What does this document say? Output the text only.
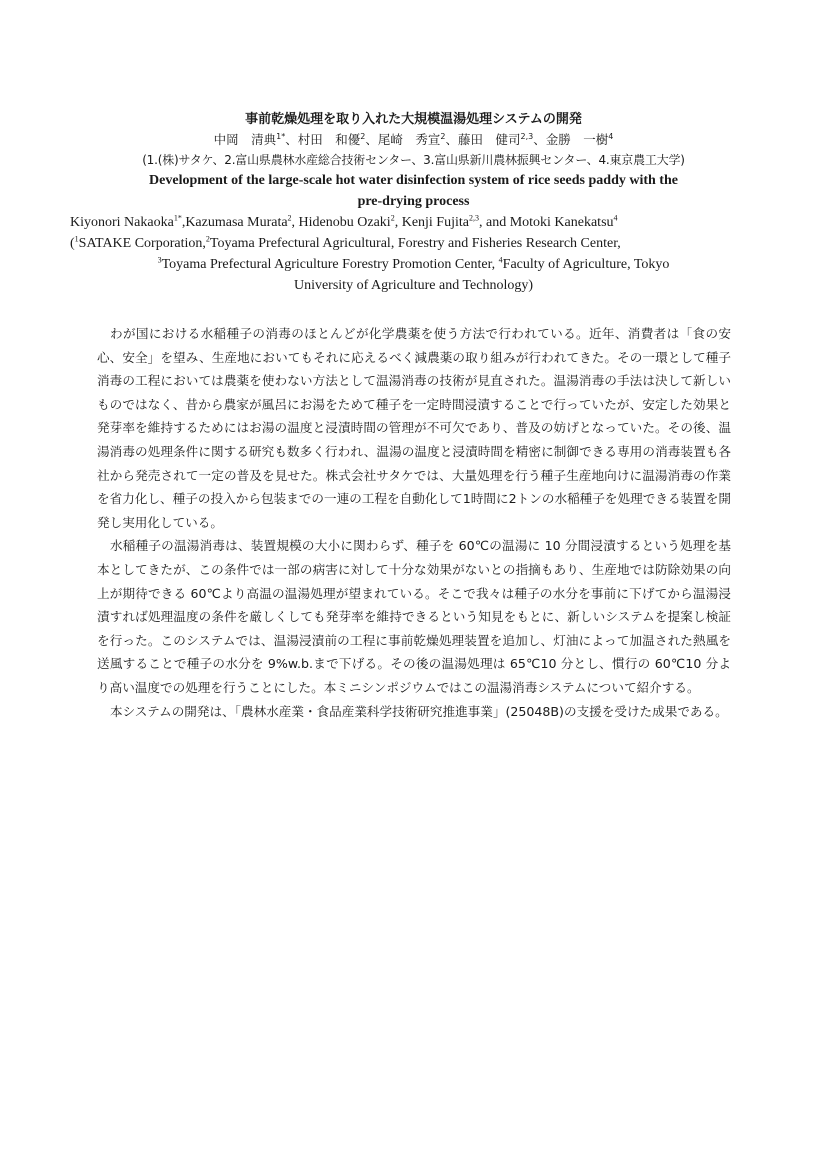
事前乾燥処理を取り入れた大規模温湯処理システムの開発

中岡　清典$^{1*}$、村田　和優$^2$、尾崎　秀宣$^2$、藤田　健司$^{2,3}$、金勝　一樹$^4$

(1.(株)サタケ、2.富山県農林水産総合技術センター、3.富山県新川農林振興センター、4.東京農工大学)

Development of the large-scale hot water disinfection system of rice seeds paddy with the

pre-drying process

Kiyonori Nakaoka$^{1*}$,Kazumasa Murata$^2$, Hidenobu Ozaki$^2$, Kenji Fujita$^{2,3}$, and Motoki Kanekatsu$^4$

($^1$SATAKE Corporation,$^2$Toyama Prefectural Agricultural, Forestry and Fisheries Research Center,

$^3$Toyama Prefectural Agriculture Forestry Promotion Center, $^4$Faculty of Agriculture, Tokyo

University of Agriculture and Technology)

わが国における水稲種子の消毒のほとんどが化学農薬を使う方法で行われている。近年、消費者は「食の安心、安全」を望み、生産地においてもそれに応えるべく減農薬の取り組みが行われてきた。その一環として種子消毒の工程においては農薬を使わない方法として温湯消毒の技術が見直された。温湯消毒の手法は決して新しいものではなく、昔から農家が風呂にお湯をためて種子を一定時間浸漬することで行っていたが、安定した効果と発芽率を維持するためにはお湯の温度と浸漬時間の管理が不可欠であり、普及の妨げとなっていた。その後、温湯消毒の処理条件に関する研究も数多く行われ、温湯の温度と浸漬時間を精密に制御できる専用の消毒装置も各社から発売されて一定の普及を見せた。株式会社サタケでは、大量処理を行う種子生産地向けに温湯消毒の作業を省力化し、種子の投入から包装までの一連の工程を自動化して1時間に2トンの水稲種子を処理できる装置を開発し実用化している。

水稲種子の温湯消毒は、装置規模の大小に関わらず、種子を 60℃の温湯に 10 分間浸漬するという処理を基本としてきたが、この条件では一部の病害に対して十分な効果がないとの指摘もあり、生産地では防除効果の向上が期待できる 60℃より高温の温湯処理が望まれている。そこで我々は種子の水分を事前に下げてから温湯浸漬すれば処理温度の条件を厳しくしても発芽率を維持できるという知見をもとに、新しいシステムを提案し検証を行った。このシステムでは、温湯浸漬前の工程に事前乾燥処理装置を追加し、灯油によって加温された熱風を送風することで種子の水分を 9%w.b.まで下げる。その後の温湯処理は 65℃10 分とし、慣行の 60℃10 分より高い温度での処理を行うことにした。本ミニシンポジウムではこの温湯消毒システムについて紹介する。

本システムの開発は、「農林水産業・食品産業科学技術研究推進事業」(25048B)の支援を受けた成果である。
